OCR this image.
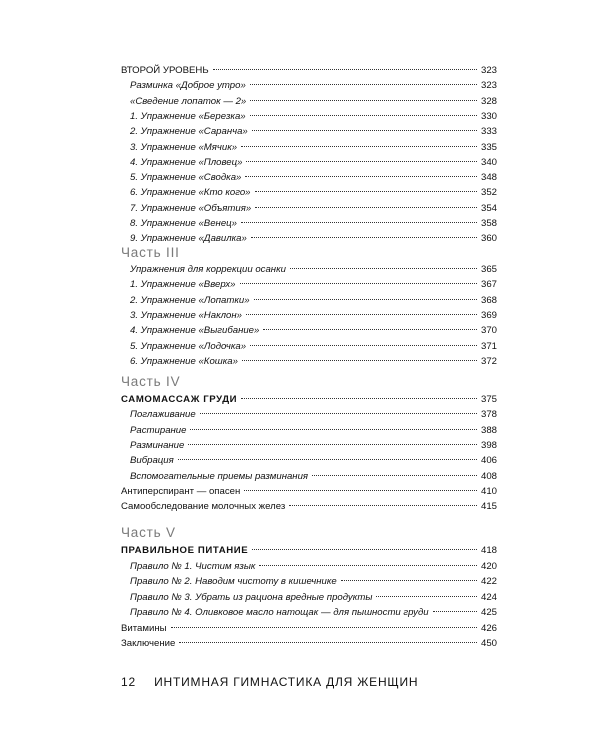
ВТОРОЙ УРОВЕНЬ	323
Разминка «Доброе утро»	323
«Сведение лопаток — 2»	328
1. Упражнение «Березка»	330
2. Упражнение «Саранча»	333
3. Упражнение «Мячик»	335
4. Упражнение «Пловец»	340
5. Упражнение «Сводка»	348
6. Упражнение «Кто кого»	352
7. Упражнение «Объятия»	354
8. Упражнение «Венец»	358
9. Упражнение «Давилка»	360
Часть III
Упражнения для коррекции осанки	365
1. Упражнение «Вверх»	367
2. Упражнение «Лопатки»	368
3. Упражнение «Наклон»	369
4. Упражнение «Выгибание»	370
5. Упражнение «Лодочка»	371
6. Упражнение «Кошка»	372
Часть IV
САМОМАССАЖ ГРУДИ	375
Поглаживание	378
Растирание	388
Разминание	398
Вибрация	406
Вспомогательные приемы разминания	408
Антиперспирант — опасен	410
Самообследование молочных желез	415
Часть V
ПРАВИЛЬНОЕ ПИТАНИЕ	418
Правило № 1. Чистим язык	420
Правило № 2. Наводим чистоту в кишечнике	422
Правило № 3. Убрать из рациона вредные продукты	424
Правило № 4. Оливковое масло натощак — для пышности груди	425
Витамины	426
Заключение	450
12 ИНТИМНАЯ ГИМНАСТИКА ДЛЯ ЖЕНЩИН
